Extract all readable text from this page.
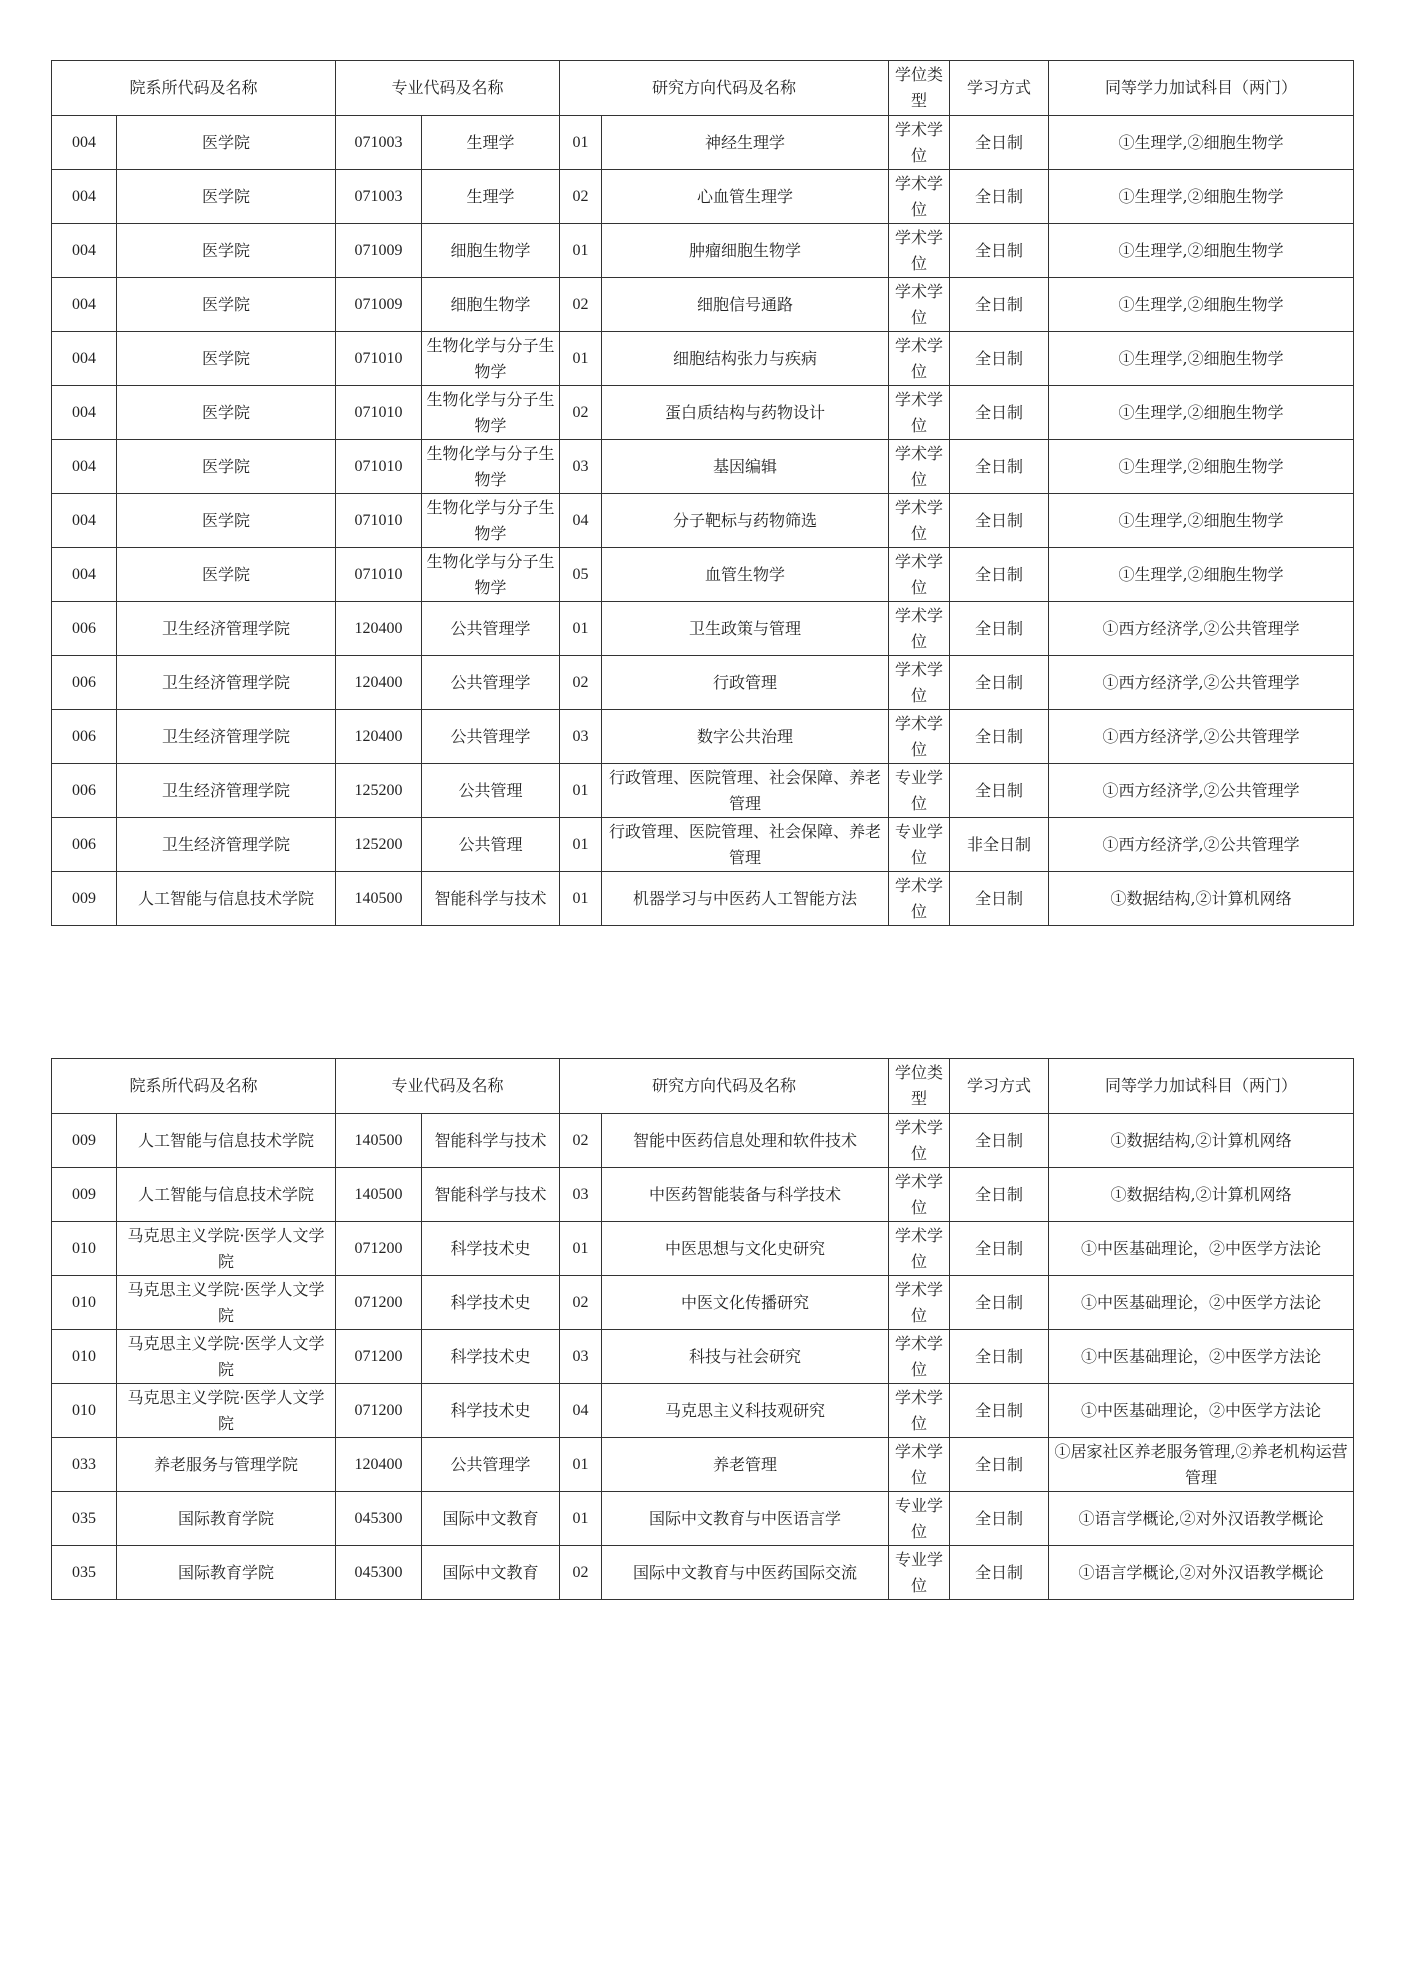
院系所代码及名称		专业代码及名称		研究方向代码及名称		学位类型	学习方式	同等学力加试科目（两门）
004	医学院	071003	生理学	01	神经生理学	学术学位	全日制	①生理学,②细胞生物学
004	医学院	071003	生理学	02	心血管生理学	学术学位	全日制	①生理学,②细胞生物学
004	医学院	071009	细胞生物学	01	肿瘤细胞生物学	学术学位	全日制	①生理学,②细胞生物学
004	医学院	071009	细胞生物学	02	细胞信号通路	学术学位	全日制	①生理学,②细胞生物学
004	医学院	071010	生物化学与分子生物学	01	细胞结构张力与疾病	学术学位	全日制	①生理学,②细胞生物学
004	医学院	071010	生物化学与分子生物学	02	蛋白质结构与药物设计	学术学位	全日制	①生理学,②细胞生物学
004	医学院	071010	生物化学与分子生物学	03	基因编辑	学术学位	全日制	①生理学,②细胞生物学
004	医学院	071010	生物化学与分子生物学	04	分子靶标与药物筛选	学术学位	全日制	①生理学,②细胞生物学
004	医学院	071010	生物化学与分子生物学	05	血管生物学	学术学位	全日制	①生理学,②细胞生物学
006	卫生经济管理学院	120400	公共管理学	01	卫生政策与管理	学术学位	全日制	①西方经济学,②公共管理学
006	卫生经济管理学院	120400	公共管理学	02	行政管理	学术学位	全日制	①西方经济学,②公共管理学
006	卫生经济管理学院	120400	公共管理学	03	数字公共治理	学术学位	全日制	①西方经济学,②公共管理学
006	卫生经济管理学院	125200	公共管理	01	行政管理、医院管理、社会保障、养老管理	专业学位	全日制	①西方经济学,②公共管理学
006	卫生经济管理学院	125200	公共管理	01	行政管理、医院管理、社会保障、养老管理	专业学位	非全日制	①西方经济学,②公共管理学
009	人工智能与信息技术学院	140500	智能科学与技术	01	机器学习与中医药人工智能方法	学术学位	全日制	①数据结构,②计算机网络
院系所代码及名称		专业代码及名称		研究方向代码及名称		学位类型	学习方式	同等学力加试科目（两门）
009	人工智能与信息技术学院	140500	智能科学与技术	02	智能中医药信息处理和软件技术	学术学位	全日制	①数据结构,②计算机网络
009	人工智能与信息技术学院	140500	智能科学与技术	03	中医药智能装备与科学技术	学术学位	全日制	①数据结构,②计算机网络
010	马克思主义学院·医学人文学院	071200	科学技术史	01	中医思想与文化史研究	学术学位	全日制	①中医基础理论，②中医学方法论
010	马克思主义学院·医学人文学院	071200	科学技术史	02	中医文化传播研究	学术学位	全日制	①中医基础理论，②中医学方法论
010	马克思主义学院·医学人文学院	071200	科学技术史	03	科技与社会研究	学术学位	全日制	①中医基础理论，②中医学方法论
010	马克思主义学院·医学人文学院	071200	科学技术史	04	马克思主义科技观研究	学术学位	全日制	①中医基础理论，②中医学方法论
033	养老服务与管理学院	120400	公共管理学	01	养老管理	学术学位	全日制	①居家社区养老服务管理,②养老机构运营管理
035	国际教育学院	045300	国际中文教育	01	国际中文教育与中医语言学	专业学位	全日制	①语言学概论,②对外汉语教学概论
035	国际教育学院	045300	国际中文教育	02	国际中文教育与中医药国际交流	专业学位	全日制	①语言学概论,②对外汉语教学概论
